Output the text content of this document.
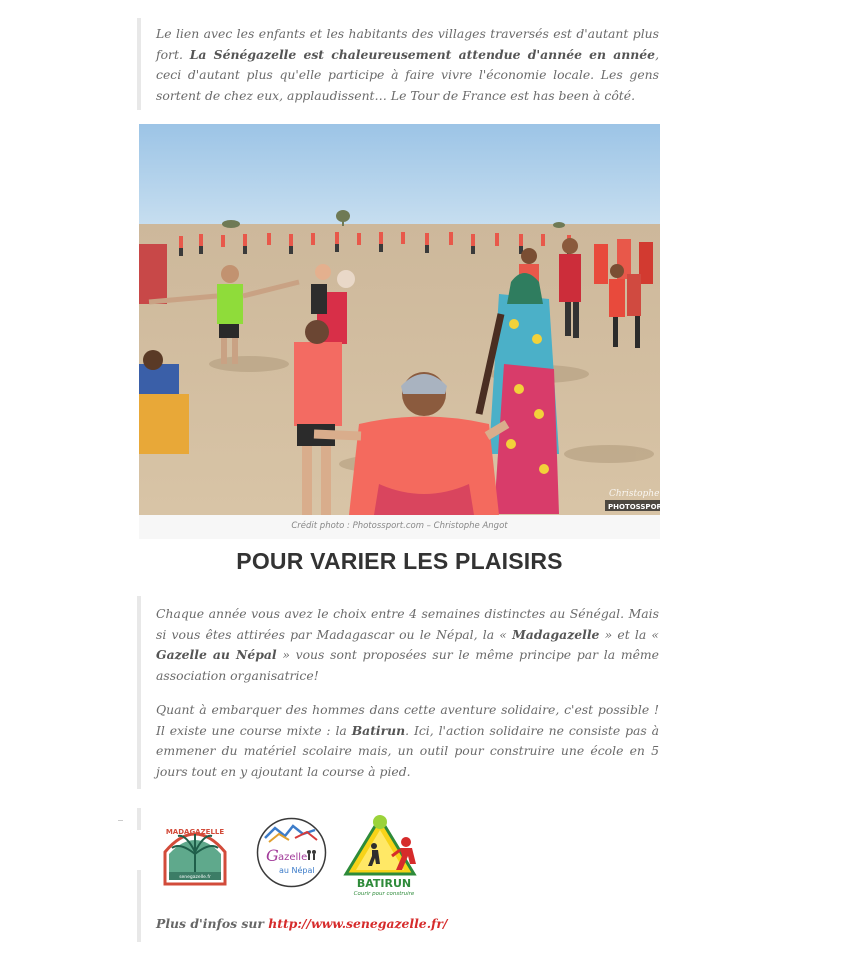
Le lien avec les enfants et les habitants des villages traversés est d'autant plus fort. La Sénégazelle est chaleureusement attendue d'année en année, ceci d'autant plus qu'elle participe à faire vivre l'économie locale. Les gens sortent de chez eux, applaudissent… Le Tour de France est has been à côté.

Christophe A
PHOTOSSPORT
Crédit photo : Photossport.com – Christophe Angot
POUR VARIER LES PLAISIRS

Chaque année vous avez le choix entre 4 semaines distinctes au Sénégal. Mais si vous êtes attirées par Madagascar ou le Népal, la « Madagazelle » et la « Gazelle au Népal » vous sont proposées sur le même principe par la même association organisatrice!

Quant à embarquer des hommes dans cette aventure solidaire, c'est possible ! Il existe une course mixte : la Batirun. Ici, l'action solidaire ne consiste pas à emmener du matériel scolaire mais, un outil pour construire une école en 5 jours tout en y ajoutant la course à pied.

MADAGAZELLE
senegazelle.fr
G azelle
au Népal
BATIRUN
Courir pour construire
Plus d'infos sur http://www.senegazelle.fr/
